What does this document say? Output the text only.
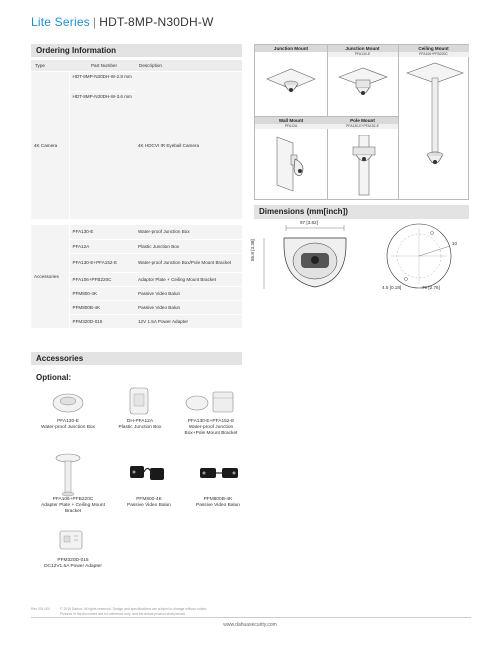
Lite Series | HDT-8MP-N30DH-W
Ordering Information
Type	Part Number	Description
4K Camera	HDT-8MP-N30DH-W-2.8 mm	4K HDCVI IR Eyeball Camera
	HDT-8MP-N30DH-W-3.6 mm	

Accessories	PFA130-E	Water-proof Junction Box
	PFA12A	Plastic Junction Box
	PFA130-E+PFA152-E	Water-proof Junction Box/Pole Mount Bracket
	PFA106+PFB220C	Adaptor Plate + Ceiling Mount Bracket
	PFM800-4K	Passive Video Balun
	PFM800B-4K	Passive Video Balun
	PFM320D-015	12V 1.5A Power Adapter
Junction Mount	Junction Mount	Ceiling Mount
PFA130-E	PFA106+PFB220C
Wall Mount	Pole Mount
PFA12A	PFA130-E+PFA152-E
Dimensions (mm[inch])
97 [3.82]
85.8 [3.38]
4.5 [0.18]	70 [2.76]
10
Accessories
Optional:
PFA130-E
Water-proof Junction Box
DH-PFA12A
Plastic Junction Box
PFA130-E+PFA152-E
Water-proof Junction
Box+Pole Mount Bracket
PFA106+PFB220C
Adapter Plate + Ceiling Mount
Bracket
PFM800-4K
Passive Video Balun
PFM800B-4K
Passive Video Balun
PFM320D-015
DC12V1.5A Power Adapter
Rev 001.001	© 2019 Dahua. All rights reserved. Design and specifications are subject to change without notice.
Pictures in the document are for reference only, and the actual product shall prevail.
www.dahuasecurity.com
